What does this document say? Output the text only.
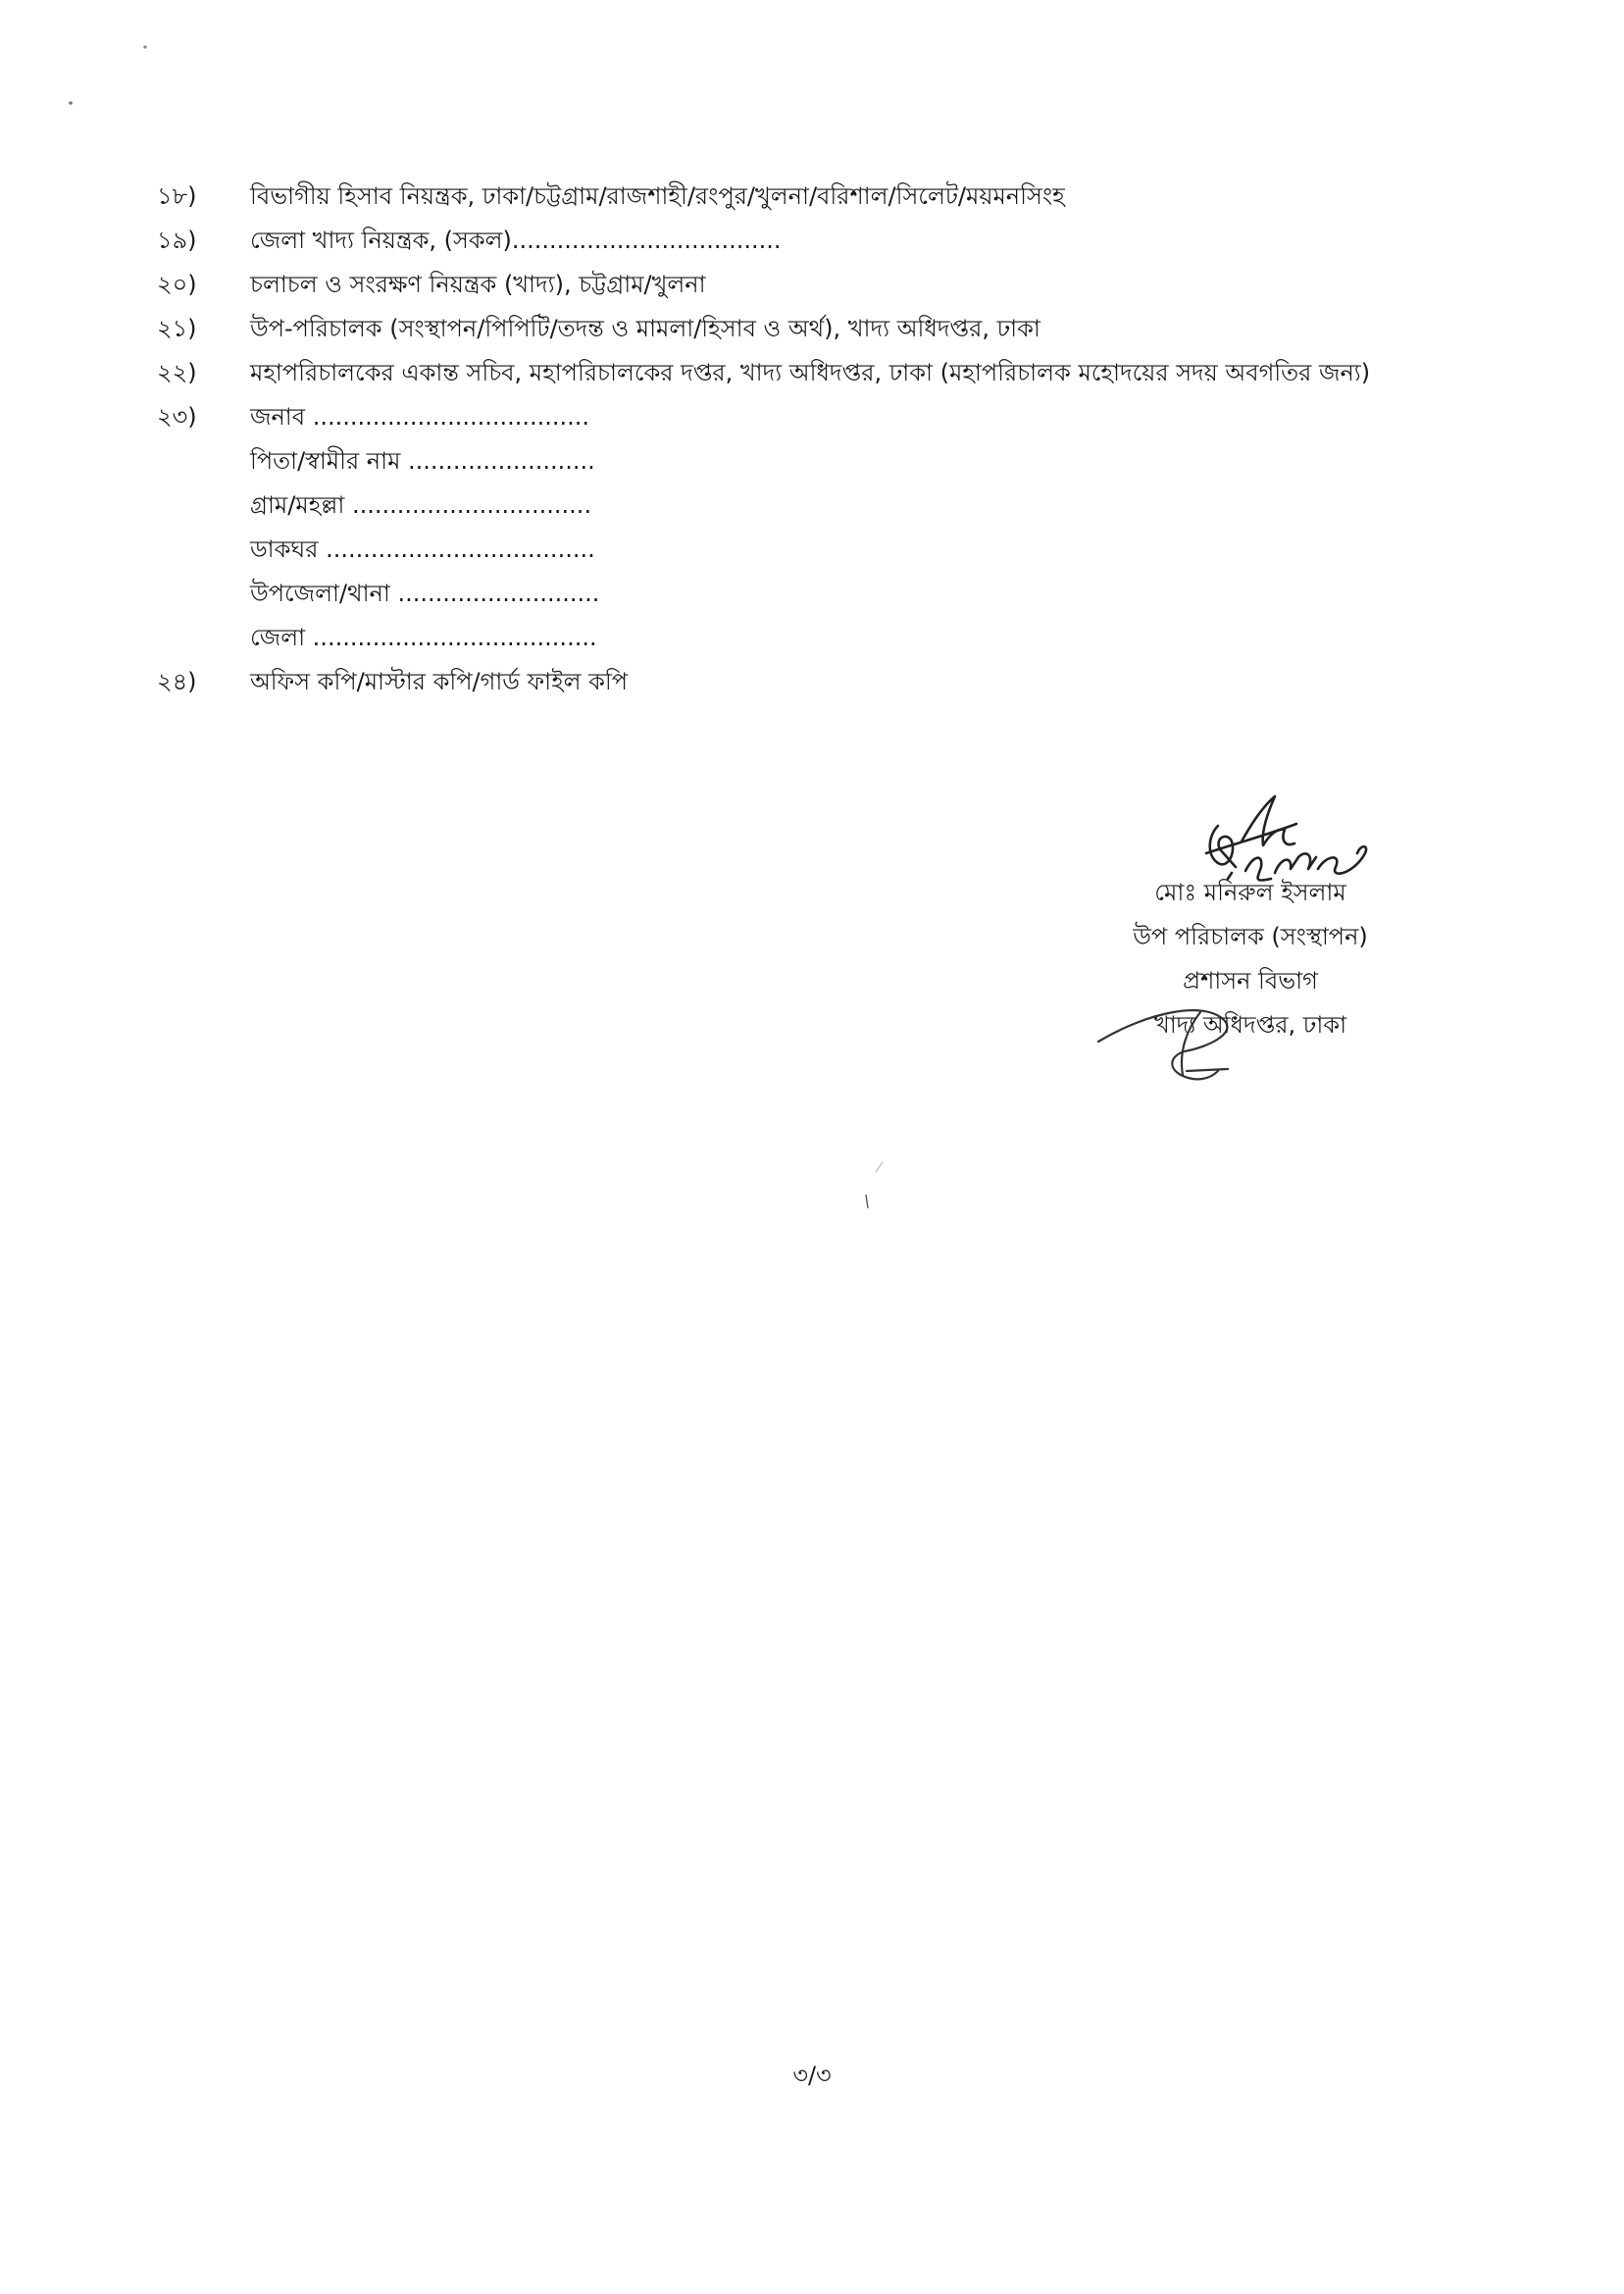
১৮)	বিভাগীয় হিসাব নিয়ন্ত্রক, ঢাকা/চট্টগ্রাম/রাজশাহী/রংপুর/খুলনা/বরিশাল/সিলেট/ময়মনসিংহ
১৯)	জেলা খাদ্য নিয়ন্ত্রক, (সকল)....................................
২০)	চলাচল ও সংরক্ষণ নিয়ন্ত্রক (খাদ্য), চট্টগ্রাম/খুলনা
২১)	উপ-পরিচালক (সংস্থাপন/পিপিটি/তদন্ত ও মামলা/হিসাব ও অর্থ), খাদ্য অধিদপ্তর, ঢাকা
২২)	মহাপরিচালকের একান্ত সচিব, মহাপরিচালকের দপ্তর, খাদ্য অধিদপ্তর, ঢাকা (মহাপরিচালক মহোদয়ের সদয় অবগতির জন্য)
২৩)	জনাব .....................................
পিতা/স্বামীর নাম .........................
গ্রাম/মহল্লা ................................
ডাকঘর ....................................
উপজেলা/থানা ...........................
জেলা ......................................
২৪)	অফিস কপি/মাস্টার কপি/গার্ড ফাইল কপি
মোঃ মনিরুল ইসলাম
উপ পরিচালক (সংস্থাপন)
প্রশাসন বিভাগ
খাদ্য অধিদপ্তর, ঢাকা
৩/৩
